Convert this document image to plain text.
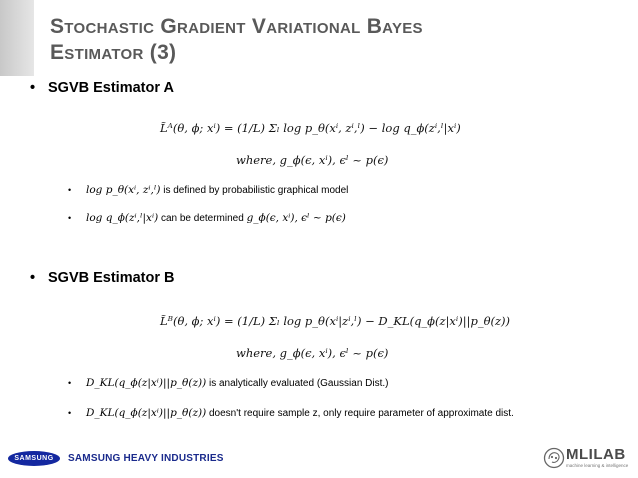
Stochastic Gradient Variational Bayes
Estimator (3)
• SGVB Estimator A
L̃ᴬ(θ, ϕ; xⁱ) = (1/L) Σₗ log p_θ(xⁱ, zⁱ,ˡ) − log q_ϕ(zⁱ,ˡ|xⁱ)
where, g_ϕ(ϵ, xⁱ), ϵˡ ~ p(ϵ)
• log p_θ(xⁱ, zⁱ,ˡ) is defined by probabilistic graphical model
• log q_ϕ(zⁱ,ˡ|xⁱ) can be determined g_ϕ(ϵ, xⁱ), ϵˡ ~ p(ϵ)
• SGVB Estimator B
L̃ᴮ(θ, ϕ; xⁱ) = (1/L) Σₗ log p_θ(xⁱ|zⁱ,ˡ) − D_KL(q_ϕ(z|xⁱ)||p_θ(z))
where, g_ϕ(ϵ, xⁱ), ϵˡ ~ p(ϵ)
• D_KL(q_ϕ(z|xⁱ)||p_θ(z)) is analytically evaluated (Gaussian Dist.)
• D_KL(q_ϕ(z|xⁱ)||p_θ(z)) doesn't require sample z, only require parameter of approximate dist.
SAMSUNG	SAMSUNG HEAVY INDUSTRIES	MLILAB
machine learning & intelligence
